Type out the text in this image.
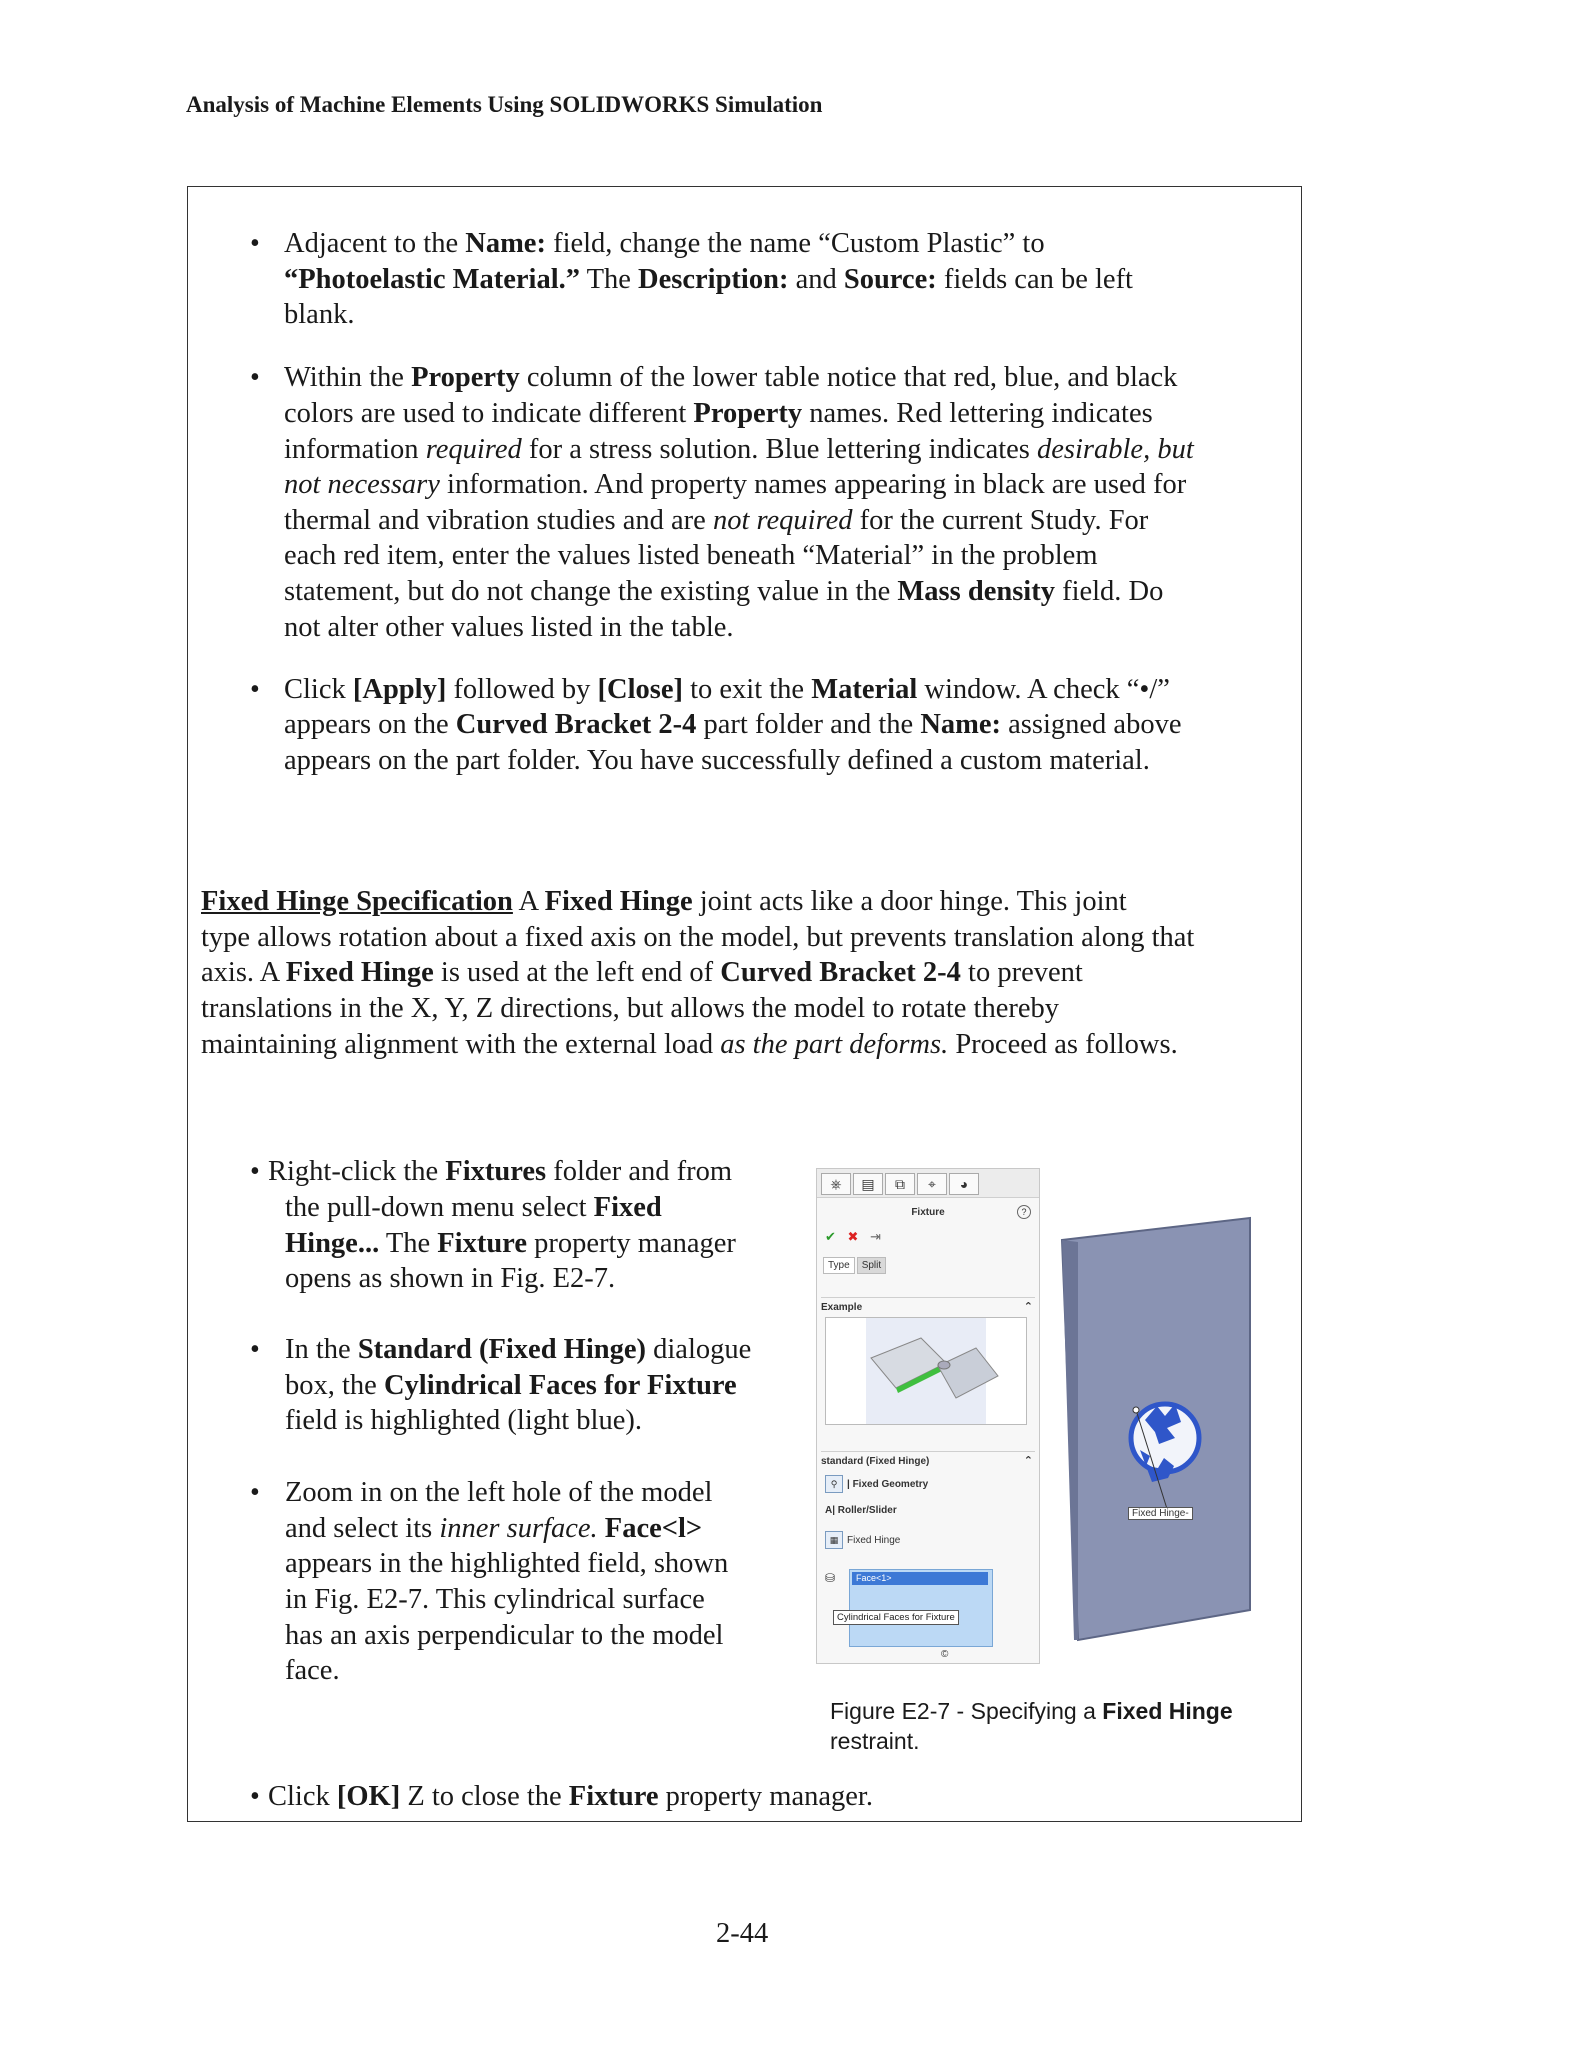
Analysis of Machine Elements Using SOLIDWORKS Simulation
• Adjacent to the Name: field, change the name “Custom Plastic” to
“Photoelastic Material.” The Description: and Source: fields can be left
blank.
• Within the Property column of the lower table notice that red, blue, and black
colors are used to indicate different Property names. Red lettering indicates
information required for a stress solution. Blue lettering indicates desirable, but
not necessary information. And property names appearing in black are used for
thermal and vibration studies and are not required for the current Study. For
each red item, enter the values listed beneath “Material” in the problem
statement, but do not change the existing value in the Mass density field. Do
not alter other values listed in the table.
• Click [Apply] followed by [Close] to exit the Material window. A check “•/”
appears on the Curved Bracket 2-4 part folder and the Name: assigned above
appears on the part folder. You have successfully defined a custom material.
Fixed Hinge Specification A Fixed Hinge joint acts like a door hinge. This joint
type allows rotation about a fixed axis on the model, but prevents translation along that
axis. A Fixed Hinge is used at the left end of Curved Bracket 2-4 to prevent
translations in the X, Y, Z directions, but allows the model to rotate thereby
maintaining alignment with the external load as the part deforms. Proceed as follows.
• Right-click the Fixtures folder and from
the pull-down menu select Fixed
Hinge... The Fixture property manager
opens as shown in Fig. E2-7.
• In the Standard (Fixed Hinge) dialogue
box, the Cylindrical Faces for Fixture
field is highlighted (light blue).
• Zoom in on the left hole of the model
and select its inner surface. Face<l>
appears in the highlighted field, shown
in Fig. E2-7. This cylindrical surface
has an axis perpendicular to the model
face.
• Click [OK] Z to close the Fixture property manager.
⎈	▤	⧉	⌖	◕
Fixture	?
✔ ✖ ⇥
Type Split
Example	⌃
standard (Fixed Hinge)	⌃
⚲ | Fixed Geometry
A| Roller/Slider
▦ Fixed Hinge
⛁	Face<1>
Cylindrical Faces for Fixture
©
Fixed Hinge-
Figure E2-7 - Specifying a Fixed Hinge
restraint.
2-44
